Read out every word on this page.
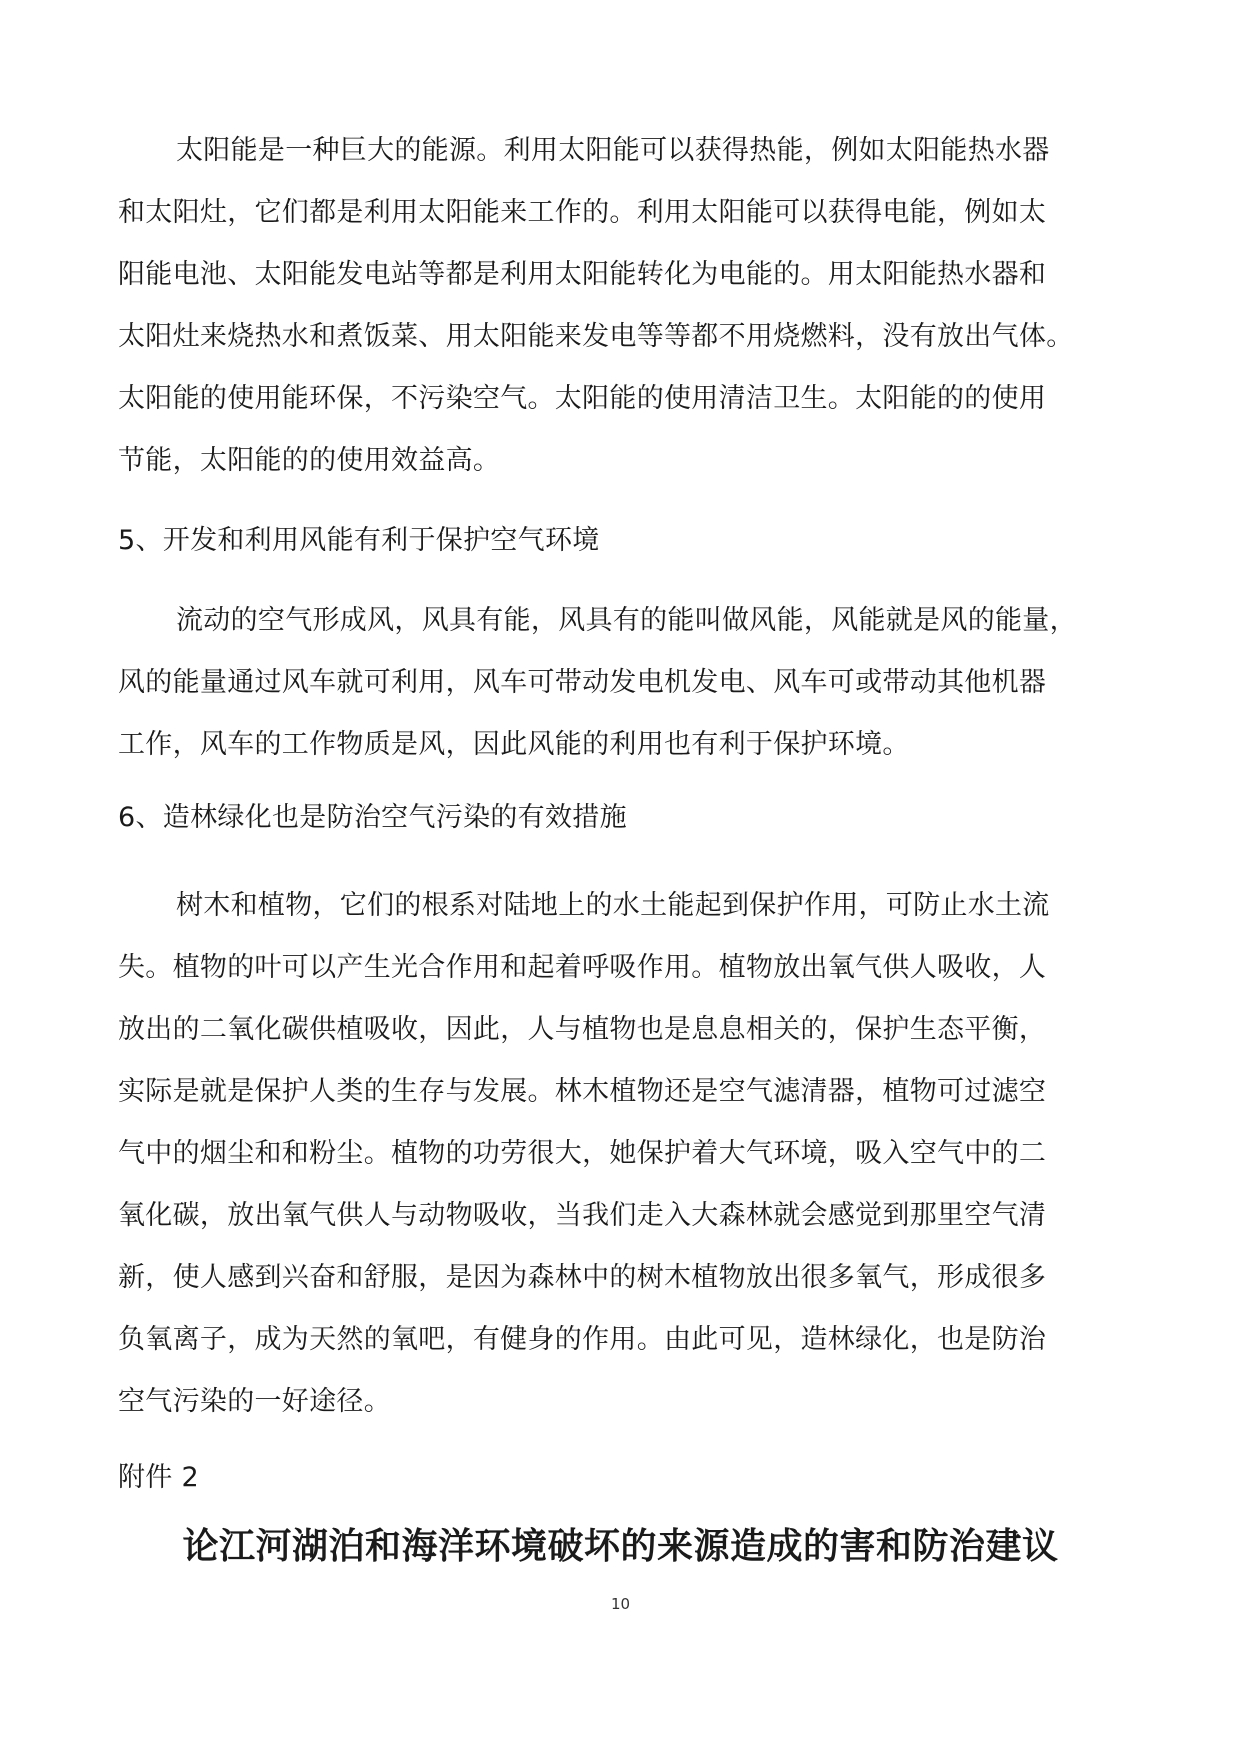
太阳能是一种巨大的能源。利用太阳能可以获得热能，例如太阳能热水器
和太阳灶，它们都是利用太阳能来工作的。利用太阳能可以获得电能，例如太
阳能电池、太阳能发电站等都是利用太阳能转化为电能的。用太阳能热水器和
太阳灶来烧热水和煮饭菜、用太阳能来发电等等都不用烧燃料，没有放出气体。
太阳能的使用能环保，不污染空气。太阳能的使用清洁卫生。太阳能的的使用
节能，太阳能的的使用效益高。
5、开发和利用风能有利于保护空气环境
流动的空气形成风，风具有能，风具有的能叫做风能，风能就是风的能量，
风的能量通过风车就可利用，风车可带动发电机发电、风车可或带动其他机器
工作，风车的工作物质是风，因此风能的利用也有利于保护环境。
6、造林绿化也是防治空气污染的有效措施
树木和植物，它们的根系对陆地上的水土能起到保护作用，可防止水土流
失。植物的叶可以产生光合作用和起着呼吸作用。植物放出氧气供人吸收，人
放出的二氧化碳供植吸收，因此，人与植物也是息息相关的，保护生态平衡，
实际是就是保护人类的生存与发展。林木植物还是空气滤清器，植物可过滤空
气中的烟尘和和粉尘。植物的功劳很大，她保护着大气环境，吸入空气中的二
氧化碳，放出氧气供人与动物吸收，当我们走入大森林就会感觉到那里空气清
新，使人感到兴奋和舒服，是因为森林中的树木植物放出很多氧气，形成很多
负氧离子，成为天然的氧吧，有健身的作用。由此可见，造林绿化，也是防治
空气污染的一好途径。
附件 2
论江河湖泊和海洋环境破坏的来源造成的害和防治建议
10
